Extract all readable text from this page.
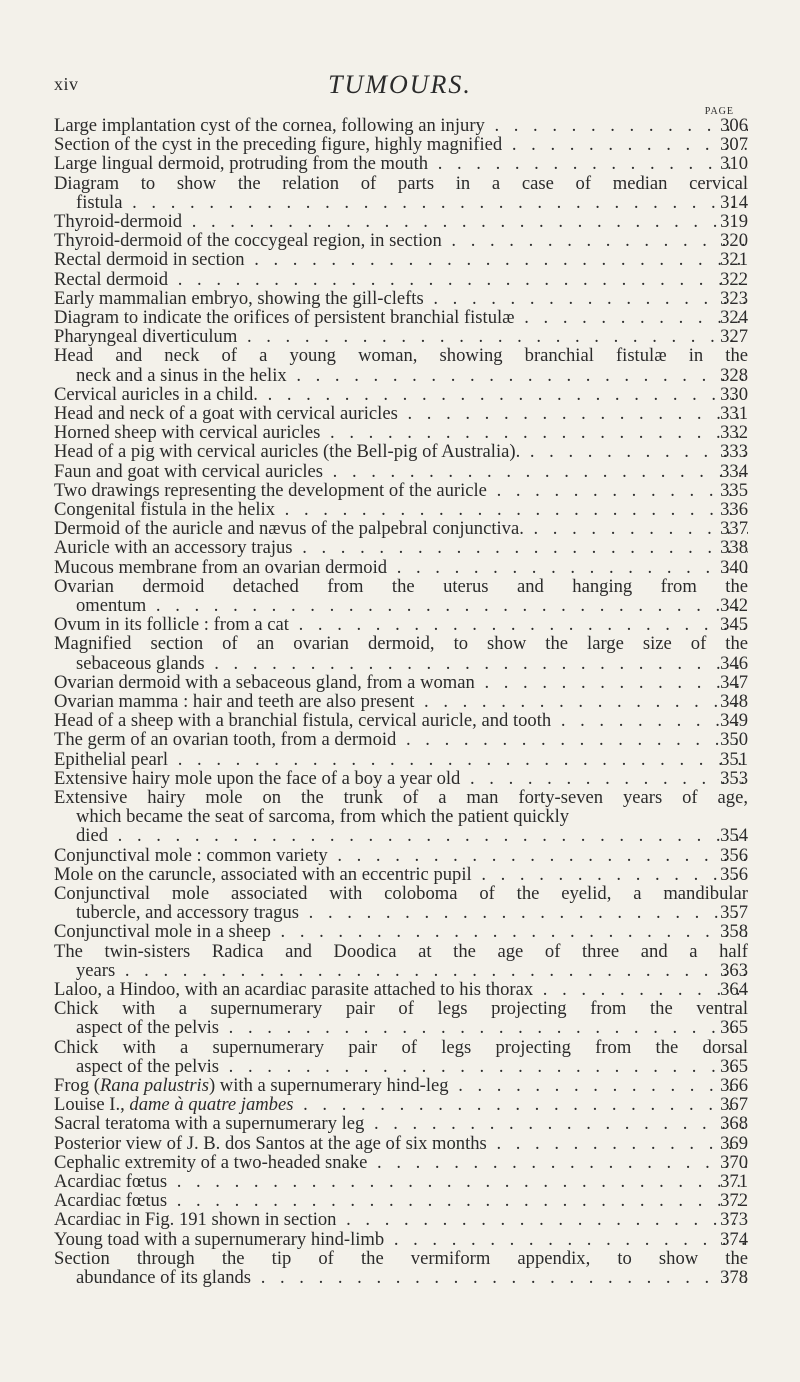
xiv	TUMOURS.
PAGE
Large implantation cyst of the cornea, following an injury . . .	306
Section of the cyst in the preceding figure, highly magnified . . .	307
Large lingual dermoid, protruding from the mouth . . .	310
Diagram to show the relation of parts in a case of median cervical
fistula . . .	314
Thyroid-dermoid . . .	319
Thyroid-dermoid of the coccygeal region, in section . . .	320
Rectal dermoid in section . . .	321
Rectal dermoid . . .	322
Early mammalian embryo, showing the gill-clefts . . .	323
Diagram to indicate the orifices of persistent branchial fistulæ . . .	324
Pharyngeal diverticulum . . .	327
Head and neck of a young woman, showing branchial fistulæ in the
neck and a sinus in the helix . . .	328
Cervical auricles in a child. . . .	330
Head and neck of a goat with cervical auricles . . .	331
Horned sheep with cervical auricles . . .	332
Head of a pig with cervical auricles (the Bell-pig of Australia). . . .	333
Faun and goat with cervical auricles . . .	334
Two drawings representing the development of the auricle . . .	335
Congenital fistula in the helix . . .	336
Dermoid of the auricle and nævus of the palpebral conjunctiva. . . .	337
Auricle with an accessory trajus . . .	338
Mucous membrane from an ovarian dermoid . . .	340
Ovarian dermoid detached from the uterus and hanging from the
omentum . . .	342
Ovum in its follicle : from a cat . . .	345
Magnified section of an ovarian dermoid, to show the large size of the
sebaceous glands . . .	346
Ovarian dermoid with a sebaceous gland, from a woman . . .	347
Ovarian mamma : hair and teeth are also present . . .	348
Head of a sheep with a branchial fistula, cervical auricle, and tooth . . .	349
The germ of an ovarian tooth, from a dermoid . . .	350
Epithelial pearl . . .	351
Extensive hairy mole upon the face of a boy a year old . . .	353
Extensive hairy mole on the trunk of a man forty-seven years of age,
which became the seat of sarcoma, from which the patient quickly
died . . .	354
Conjunctival mole : common variety . . .	356
Mole on the caruncle, associated with an eccentric pupil . . .	356
Conjunctival mole associated with coloboma of the eyelid, a mandibular
tubercle, and accessory tragus . . .	357
Conjunctival mole in a sheep . . .	358
The twin-sisters Radica and Doodica at the age of three and a half
years . . .	363
Laloo, a Hindoo, with an acardiac parasite attached to his thorax . . .	364
Chick with a supernumerary pair of legs projecting from the ventral
aspect of the pelvis . . .	365
Chick with a supernumerary pair of legs projecting from the dorsal
aspect of the pelvis . . .	365
Frog (Rana palustris) with a supernumerary hind-leg . . .	366
Louise I., dame à quatre jambes . . .	367
Sacral teratoma with a supernumerary leg . . .	368
Posterior view of J. B. dos Santos at the age of six months . . .	369
Cephalic extremity of a two-headed snake . . .	370
Acardiac fœtus . . .	371
Acardiac fœtus . . .	372
Acardiac in Fig. 191 shown in section . . .	373
Young toad with a supernumerary hind-limb . . .	374
Section through the tip of the vermiform appendix, to show the
abundance of its glands . . .	378
